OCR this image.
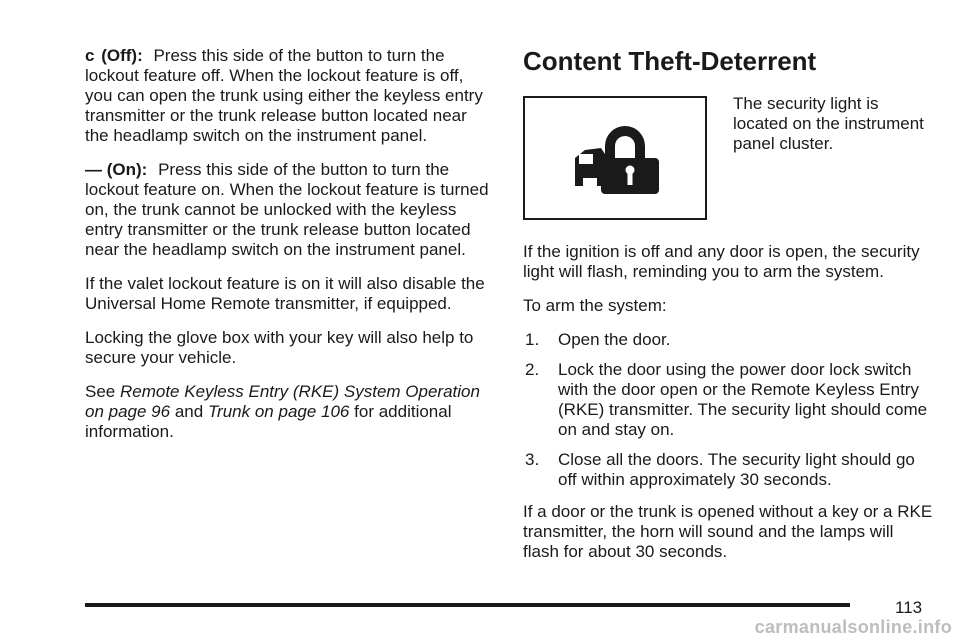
c (Off): Press this side of the button to turn the lockout feature off. When the lockout feature is off, you can open the trunk using either the keyless entry transmitter or the trunk release button located near the headlamp switch on the instrument panel.

— (On): Press this side of the button to turn the lockout feature on. When the lockout feature is turned on, the trunk cannot be unlocked with the keyless entry transmitter or the trunk release button located near the headlamp switch on the instrument panel.

If the valet lockout feature is on it will also disable the Universal Home Remote transmitter, if equipped.

Locking the glove box with your key will also help to secure your vehicle.

See Remote Keyless Entry (RKE) System Operation on page 96 and Trunk on page 106 for additional information.

Content Theft-Deterrent
The security light is located on the instrument panel cluster.

If the ignition is off and any door is open, the security light will flash, reminding you to arm the system.

To arm the system:

1. Open the door.
2. Lock the door using the power door lock switch with the door open or the Remote Keyless Entry (RKE) transmitter. The security light should come on and stay on.
3. Close all the doors. The security light should go off within approximately 30 seconds.

If a door or the trunk is opened without a key or a RKE transmitter, the horn will sound and the lamps will flash for about 30 seconds.

113
carmanualsonline.info
